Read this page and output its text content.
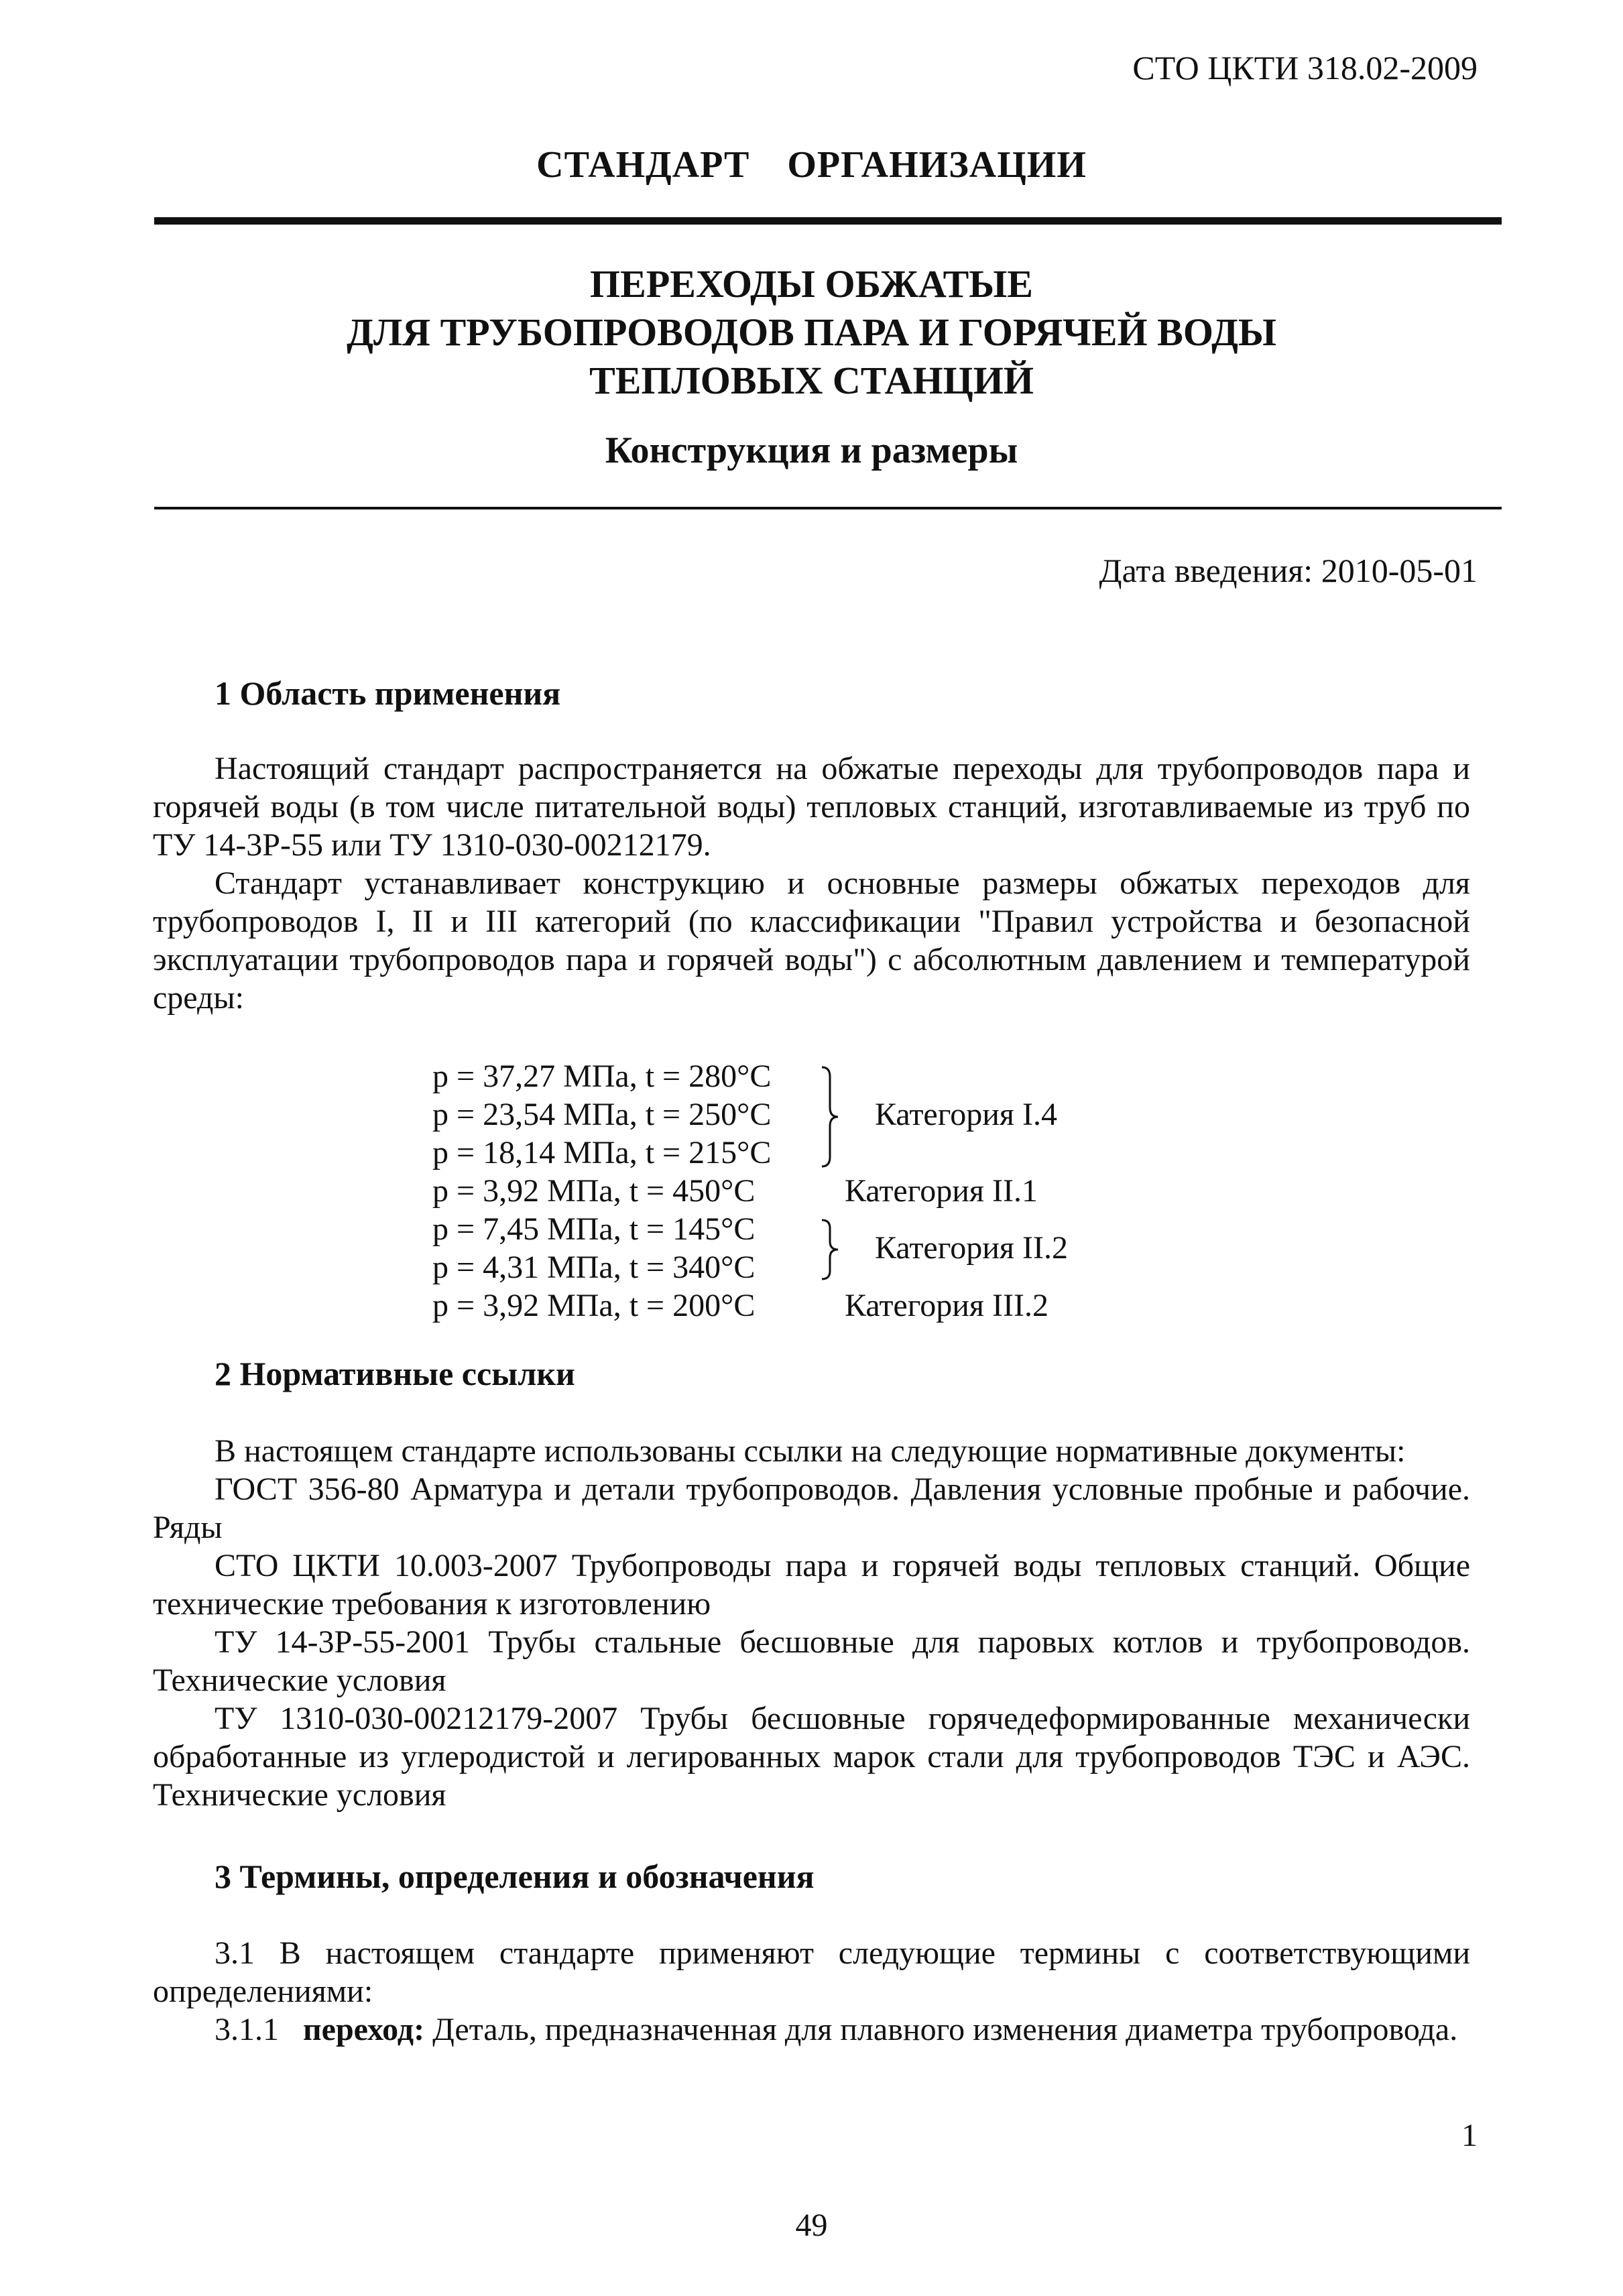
СТО ЦКТИ 318.02-2009
СТАНДАРТ ОРГАНИЗАЦИИ
ПЕРЕХОДЫ ОБЖАТЫЕ
ДЛЯ ТРУБОПРОВОДОВ ПАРА И ГОРЯЧЕЙ ВОДЫ
ТЕПЛОВЫХ СТАНЦИЙ
Конструкция и размеры
Дата введения: 2010-05-01
1 Область применения

Настоящий стандарт распространяется на обжатые переходы для трубопроводов пара и горячей воды (в том числе питательной воды) тепловых станций, изготавливаемые из труб по ТУ 14-3Р-55 или ТУ 1310-030-00212179.

Стандарт устанавливает конструкцию и основные размеры обжатых переходов для трубопроводов I, II и III категорий (по классификации "Правил устройства и безопасной эксплуатации трубопроводов пара и горячей воды") с абсолютным давлением и температурой среды:

p = 37,27 МПа, t = 280°С
p = 23,54 МПа, t = 250°С
p = 18,14 МПа, t = 215°С
p = 3,92 МПа, t = 450°С
p = 7,45 МПа, t = 145°С
p = 4,31 МПа, t = 340°С
p = 3,92 МПа, t = 200°С
Категория I.4
Категория II.1
Категория II.2
Категория III.2
2 Нормативные ссылки

В настоящем стандарте использованы ссылки на следующие нормативные документы:

ГОСТ 356-80 Арматура и детали трубопроводов. Давления условные пробные и рабочие. Ряды

СТО ЦКТИ 10.003-2007 Трубопроводы пара и горячей воды тепловых станций. Общие технические требования к изготовлению

ТУ 14-3Р-55-2001 Трубы стальные бесшовные для паровых котлов и трубопроводов. Технические условия

ТУ 1310-030-00212179-2007 Трубы бесшовные горячедеформированные механически обработанные из углеродистой и легированных марок стали для трубопроводов ТЭС и АЭС. Технические условия

3 Термины, определения и обозначения

3.1 В настоящем стандарте применяют следующие термины с соответствующими определениями:

3.1.1 переход: Деталь, предназначенная для плавного изменения диаметра трубопровода.

1
49
